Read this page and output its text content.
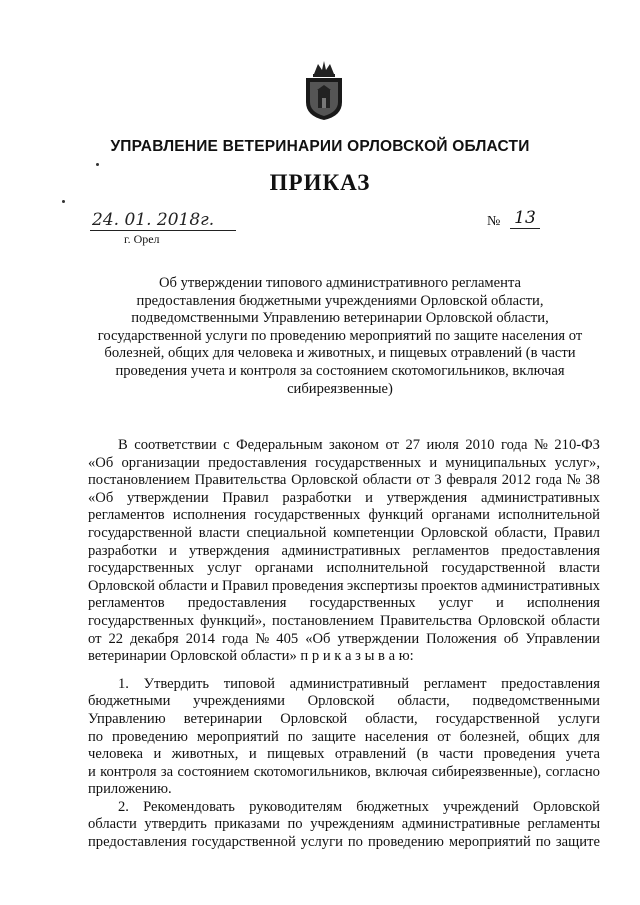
УПРАВЛЕНИЕ ВЕТЕРИНАРИИ ОРЛОВСКОЙ ОБЛАСТИ
ПРИКАЗ
24. 01. 2018г.	№ 13
г. Орел
Об утверждении типового административного регламента
предоставления бюджетными учреждениями Орловской области,
подведомственными Управлению ветеринарии Орловской области,
государственной услуги по проведению мероприятий по защите населения от
болезней, общих для человека и животных, и пищевых отравлений (в части
проведения учета и контроля за состоянием скотомогильников, включая
сибиреязвенные)
В соответствии с Федеральным законом от 27 июля 2010 года № 210-ФЗ
«Об организации предоставления государственных и муниципальных услуг»,
постановлением Правительства Орловской области от 3 февраля 2012 года № 38
«Об утверждении Правил разработки и утверждения административных
регламентов исполнения государственных функций органами исполнительной
государственной власти специальной компетенции Орловской области, Правил
разработки и утверждения административных регламентов предоставления
государственных услуг органами исполнительной государственной власти
Орловской области и Правил проведения экспертизы проектов административных
регламентов предоставления государственных услуг и исполнения
государственных функций», постановлением Правительства Орловской области
от 22 декабря 2014 года № 405 «Об утверждении Положения об Управлении
ветеринарии Орловской области» п р и к а з ы в а ю:
1. Утвердить типовой административный регламент предоставления
бюджетными учреждениями Орловской области, подведомственными
Управлению ветеринарии Орловской области, государственной услуги
по проведению мероприятий по защите населения от болезней, общих для
человека и животных, и пищевых отравлений (в части проведения учета
и контроля за состоянием скотомогильников, включая сибиреязвенные), согласно
приложению.
2. Рекомендовать руководителям бюджетных учреждений Орловской
области утвердить приказами по учреждениям административные регламенты
предоставления государственной услуги по проведению мероприятий по защите
